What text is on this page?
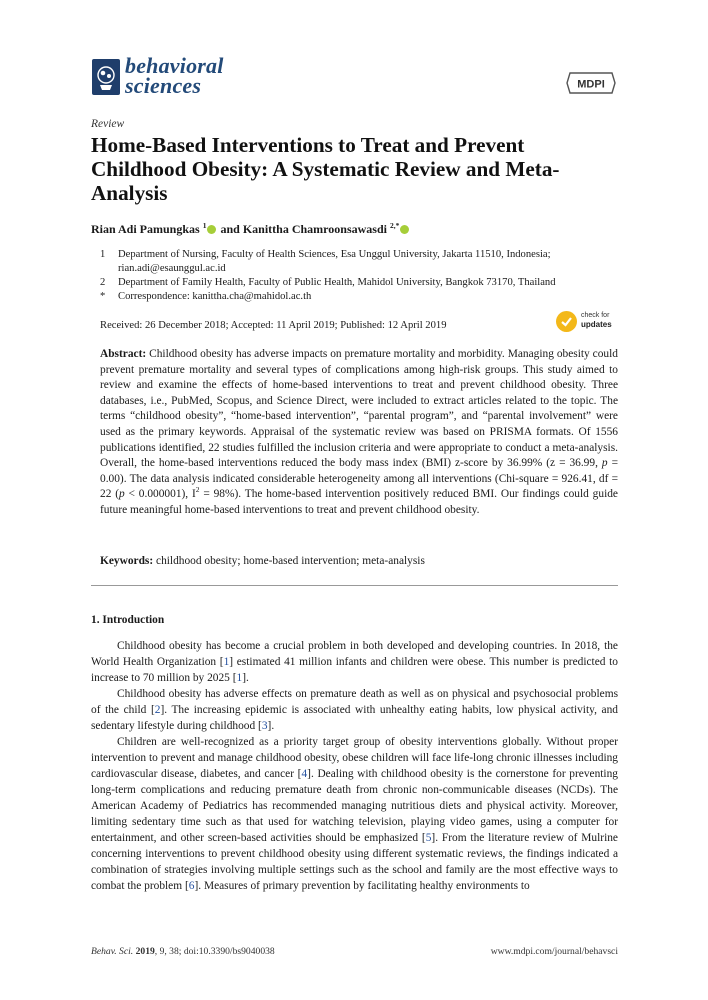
behavioral
sciences	MDPI
Review
Home-Based Interventions to Treat and Prevent Childhood Obesity: A Systematic Review and Meta-Analysis
Rian Adi Pamungkas $^1$ and Kanittha Chamroonsawasdi $^{2,*}$
1	Department of Nursing, Faculty of Health Sciences, Esa Unggul University, Jakarta 11510, Indonesia;
rian.adi@esaunggul.ac.id
2	Department of Family Health, Faculty of Public Health, Mahidol University, Bangkok 73170, Thailand
*	Correspondence: kanittha.cha@mahidol.ac.th
Received: 26 December 2018; Accepted: 11 April 2019; Published: 12 April 2019
check for
updates

Abstract: Childhood obesity has adverse impacts on premature mortality and morbidity. Managing obesity could prevent premature mortality and several types of complications among high-risk groups. This study aimed to review and examine the effects of home-based interventions to treat and prevent childhood obesity. Three databases, i.e., PubMed, Scopus, and Science Direct, were included to extract articles related to the topic. The terms “childhood obesity”, “home-based intervention”, “parental program”, and “parental involvement” were used as the primary keywords. Appraisal of the systematic review was based on PRISMA formats. Of 1556 publications identified, 22 studies fulfilled the inclusion criteria and were appropriate to conduct a meta-analysis. Overall, the home-based interventions reduced the body mass index (BMI) z-score by 36.99% (z = 36.99, p = 0.00). The data analysis indicated considerable heterogeneity among all interventions (Chi-square = 926.41, df = 22 (p < 0.000001), $I^2 = 98\%$). The home-based intervention positively reduced BMI. Our findings could guide future meaningful home-based interventions to treat and prevent childhood obesity.

Keywords: childhood obesity; home-based intervention; meta-analysis

1. Introduction

Childhood obesity has become a crucial problem in both developed and developing countries. In 2018, the World Health Organization [1] estimated 41 million infants and children were obese. This number is predicted to increase to 70 million by 2025 [1].

Childhood obesity has adverse effects on premature death as well as on physical and psychosocial problems of the child [2]. The increasing epidemic is associated with unhealthy eating habits, low physical activity, and sedentary lifestyle during childhood [3].

Children are well-recognized as a priority target group of obesity interventions globally. Without proper intervention to prevent and manage childhood obesity, obese children will face life-long chronic illnesses including cardiovascular disease, diabetes, and cancer [4]. Dealing with childhood obesity is the cornerstone for preventing long-term complications and reducing premature death from chronic non-communicable diseases (NCDs). The American Academy of Pediatrics has recommended managing nutritious diets and physical activity. Moreover, limiting sedentary time such as that used for watching television, playing video games, using a computer for entertainment, and other screen-based activities should be emphasized [5]. From the literature review of Mulrine concerning interventions to prevent childhood obesity using different systematic reviews, the findings indicated a combination of strategies involving multiple settings such as the school and family are the most effective ways to combat the problem [6]. Measures of primary prevention by facilitating healthy environments to

Behav. Sci. 2019, 9, 38; doi:10.3390/bs9040038	www.mdpi.com/journal/behavsci
